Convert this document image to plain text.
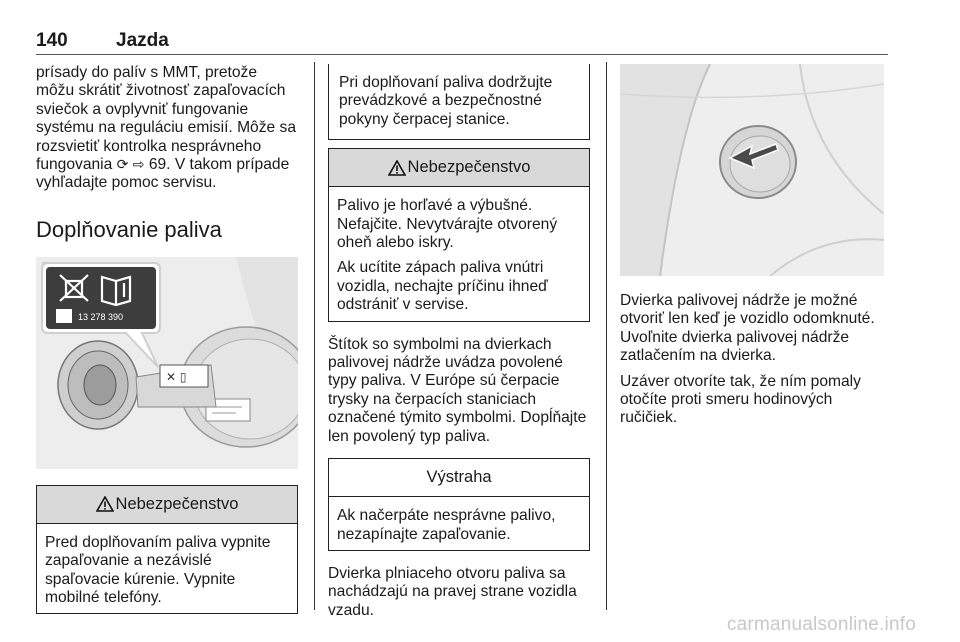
140	Jazda
prísady do palív s MMT, pretože môžu skrátiť životnosť zapaľovacích sviečok a ovplyvniť fungovanie systému na reguláciu emisií. Môže sa rozsvietiť kontrolka nesprávneho fungovania ⟳ ⇨ 69. V takom prípade vyhľadajte pomoc servisu.
Doplňovanie paliva
✕ ▯
13 278 390
Nebezpečenstvo
Pred doplňovaním paliva vypnite zapaľovanie a nezávislé spaľovacie kúrenie. Vypnite mobilné telefóny.
Pri doplňovaní paliva dodržujte prevádzkové a bezpečnostné pokyny čerpacej stanice.
Nebezpečenstvo
Palivo je horľavé a výbušné. Nefajčite. Nevytvárajte otvorený oheň alebo iskry.
Ak ucítite zápach paliva vnútri vozidla, nechajte príčinu ihneď odstrániť v servise.
Štítok so symbolmi na dvierkach palivovej nádrže uvádza povolené typy paliva. V Európe sú čerpacie trysky na čerpacích staniciach označené týmito symbolmi. Dopĺňajte len povolený typ paliva.
Výstraha
Ak načerpáte nesprávne palivo, nezapínajte zapaľovanie.
Dvierka plniaceho otvoru paliva sa nachádzajú na pravej strane vozidla vzadu.
Dvierka palivovej nádrže je možné otvoriť len keď je vozidlo odomknuté. Uvoľnite dvierka palivovej nádrže zatlačením na dvierka.
Uzáver otvoríte tak, že ním pomaly otočíte proti smeru hodinových ručičiek.
carmanualsonline.info
